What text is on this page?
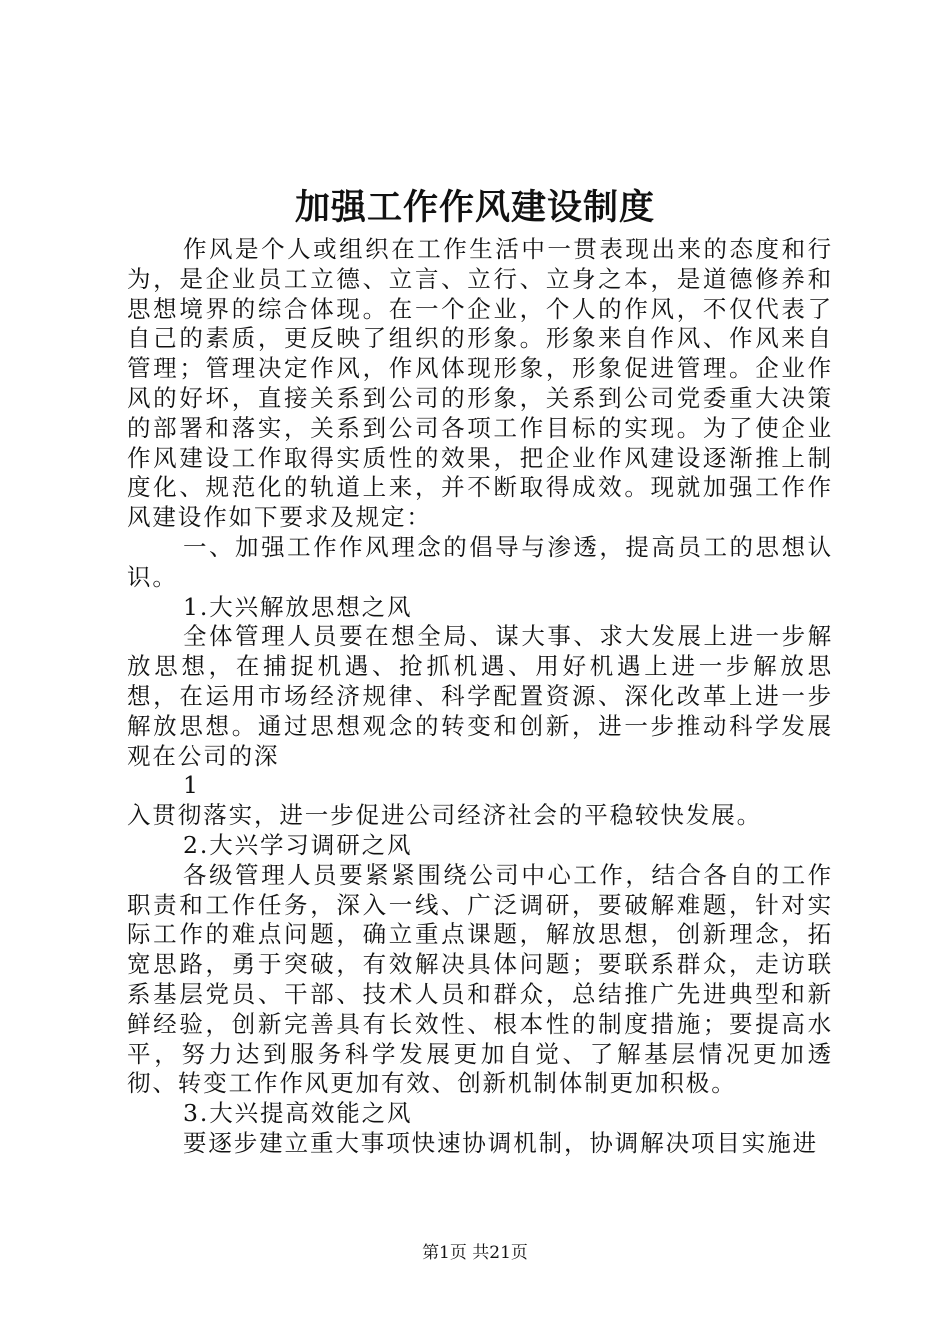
加强工作作风建设制度

作风是个人或组织在工作生活中一贯表现出来的态度和行为，是企业员工立德、立言、立行、立身之本，是道德修养和思想境界的综合体现。在一个企业，个人的作风，不仅代表了自己的素质，更反映了组织的形象。形象来自作风、作风来自管理；管理决定作风，作风体现形象，形象促进管理。企业作风的好坏，直接关系到公司的形象，关系到公司党委重大决策的部署和落实，关系到公司各项工作目标的实现。为了使企业作风建设工作取得实质性的效果，把企业作风建设逐渐推上制度化、规范化的轨道上来，并不断取得成效。现就加强工作作风建设作如下要求及规定：

一、加强工作作风理念的倡导与渗透，提高员工的思想认识。

1.大兴解放思想之风

全体管理人员要在想全局、谋大事、求大发展上进一步解放思想，在捕捉机遇、抢抓机遇、用好机遇上进一步解放思想，在运用市场经济规律、科学配置资源、深化改革上进一步解放思想。通过思想观念的转变和创新，进一步推动科学发展观在公司的深

1

入贯彻落实，进一步促进公司经济社会的平稳较快发展。

2.大兴学习调研之风

各级管理人员要紧紧围绕公司中心工作，结合各自的工作职责和工作任务，深入一线、广泛调研，要破解难题，针对实际工作的难点问题，确立重点课题，解放思想，创新理念，拓宽思路，勇于突破，有效解决具体问题；要联系群众，走访联系基层党员、干部、技术人员和群众，总结推广先进典型和新鲜经验，创新完善具有长效性、根本性的制度措施；要提高水平，努力达到服务科学发展更加自觉、了解基层情况更加透彻、转变工作作风更加有效、创新机制体制更加积极。

3.大兴提高效能之风

要逐步建立重大事项快速协调机制，协调解决项目实施进

第1页 共21页
